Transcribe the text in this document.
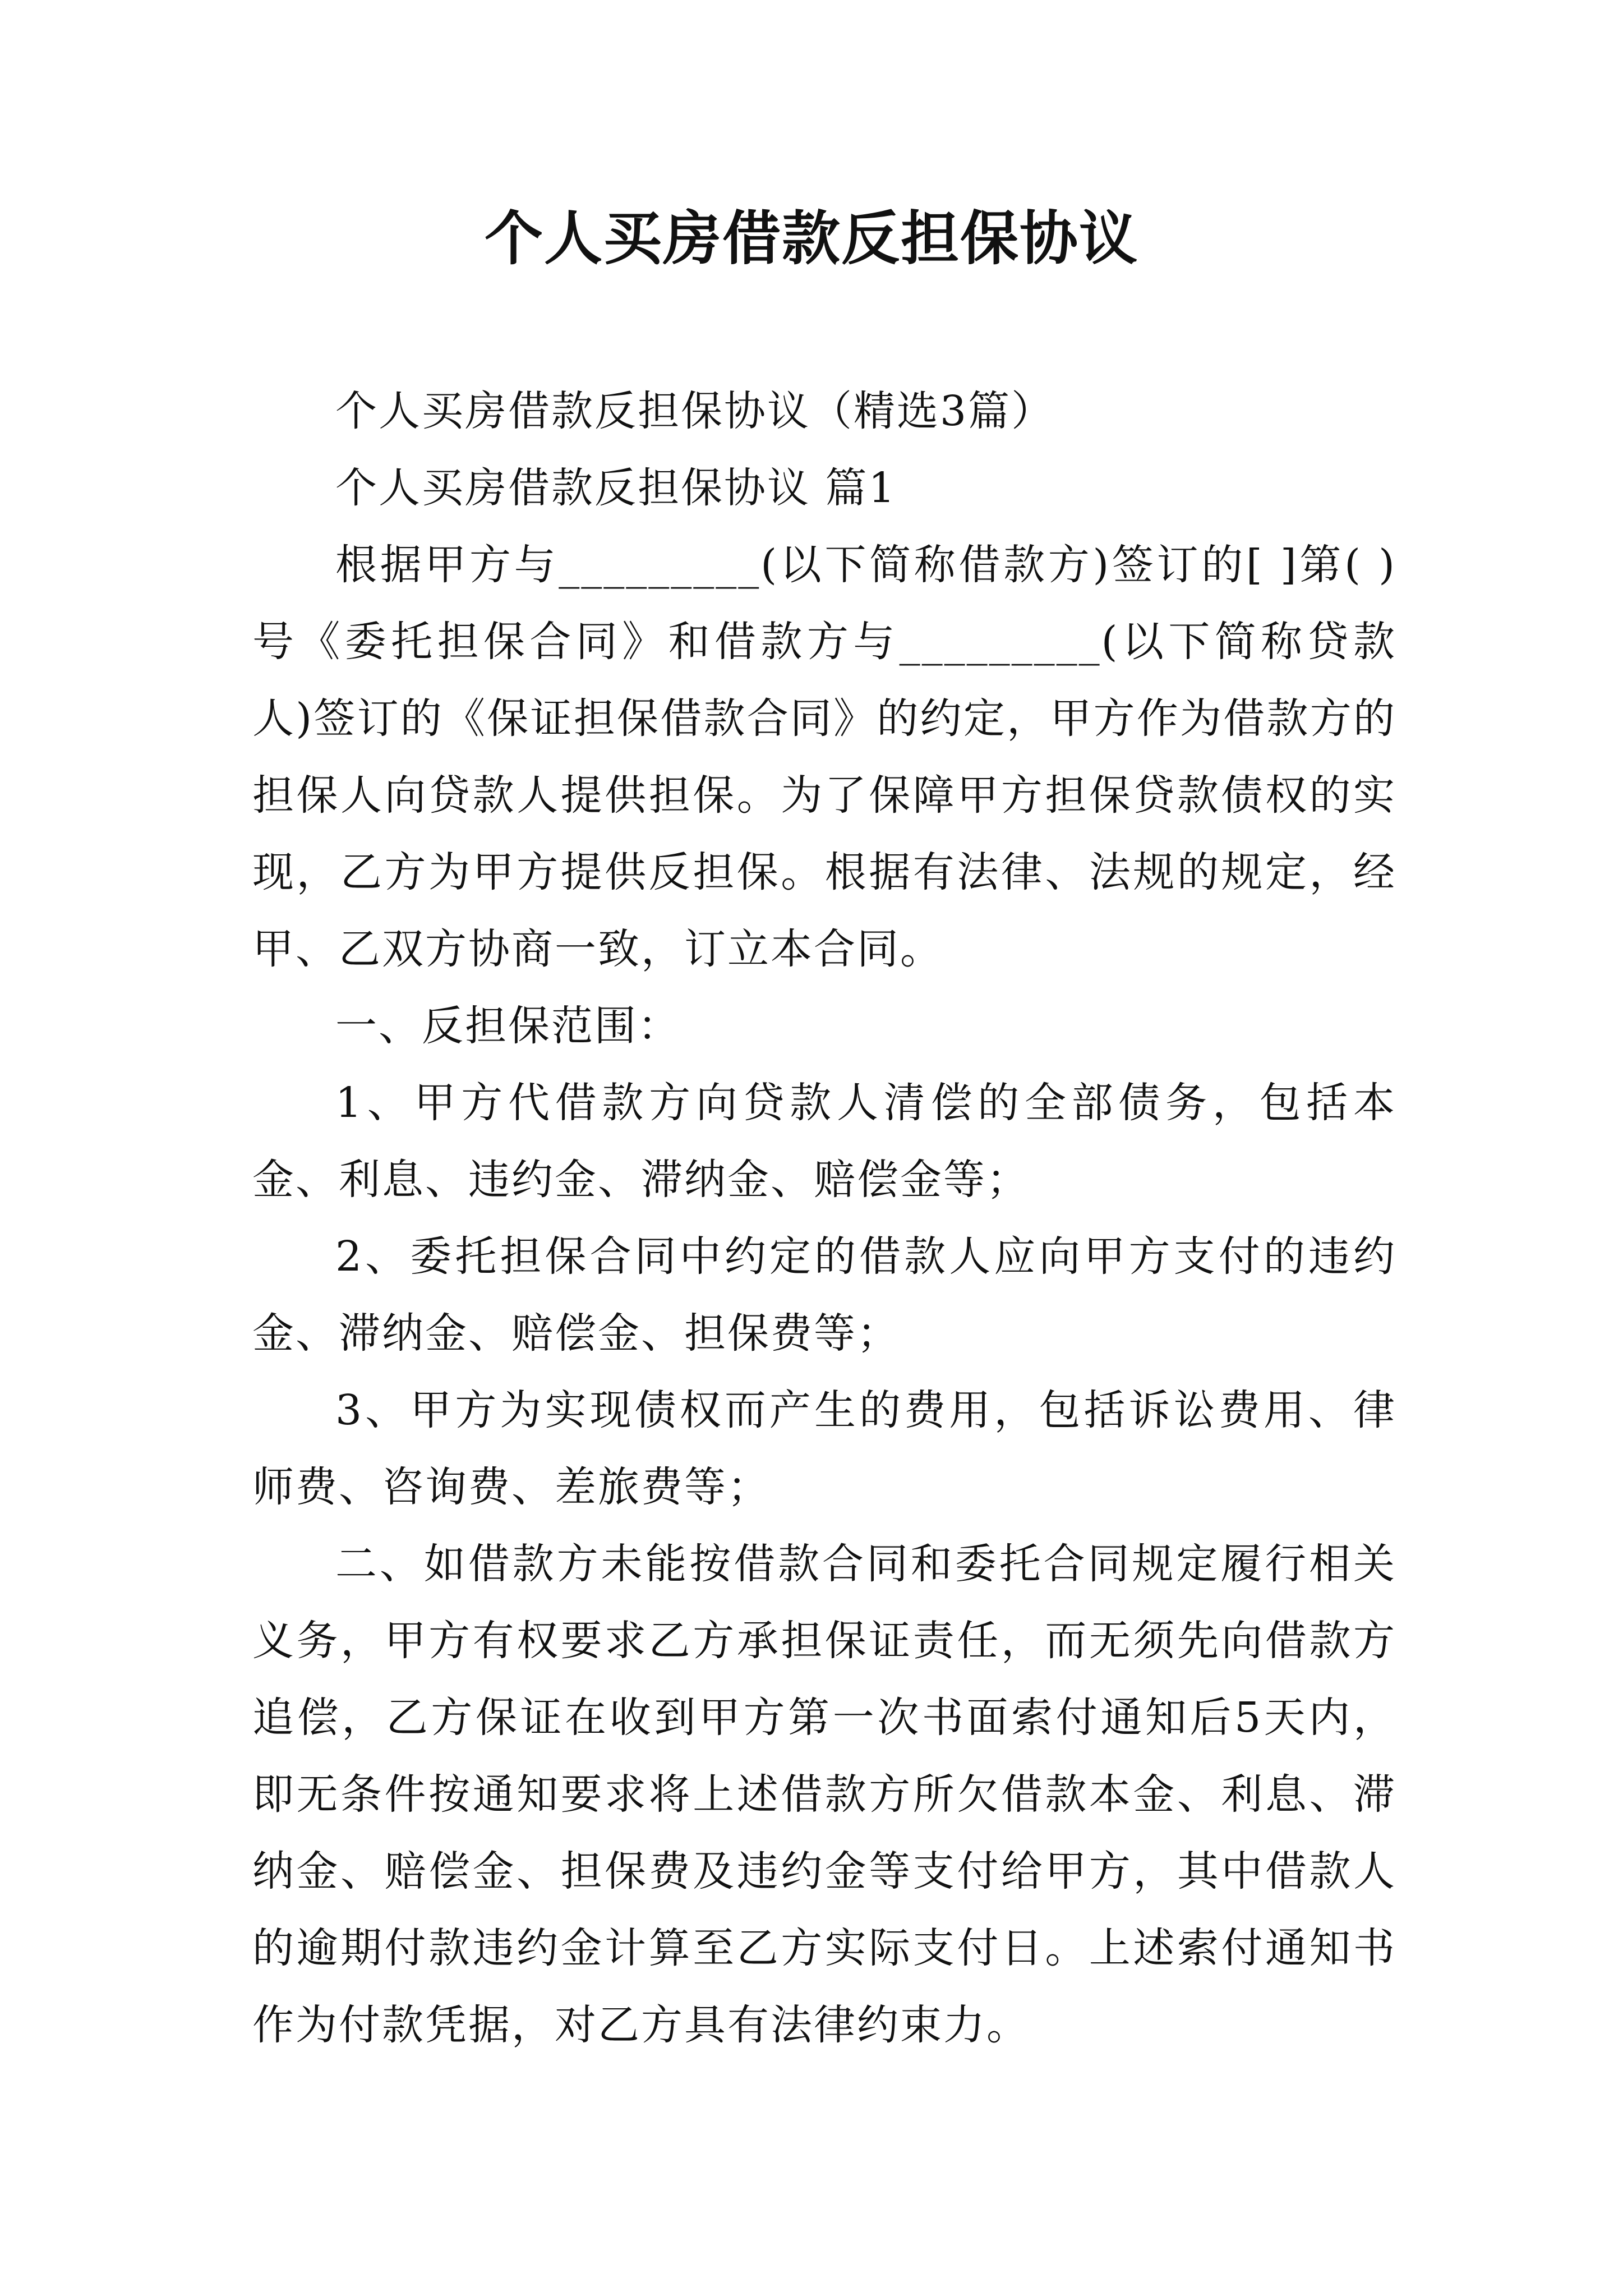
个人买房借款反担保协议

个人买房借款反担保协议（精选3篇）

个人买房借款反担保协议 篇1

根据甲方与_________(以下简称借款方)签订的[ ]第( )号《委托担保合同》和借款方与_________(以下简称贷款人)签订的《保证担保借款合同》的约定，甲方作为借款方的担保人向贷款人提供担保。为了保障甲方担保贷款债权的实现，乙方为甲方提供反担保。根据有法律、法规的规定，经甲、乙双方协商一致，订立本合同。

一、反担保范围：

1、甲方代借款方向贷款人清偿的全部债务，包括本金、利息、违约金、滞纳金、赔偿金等；

2、委托担保合同中约定的借款人应向甲方支付的违约金、滞纳金、赔偿金、担保费等；

3、甲方为实现债权而产生的费用，包括诉讼费用、律师费、咨询费、差旅费等；

二、如借款方未能按借款合同和委托合同规定履行相关义务，甲方有权要求乙方承担保证责任，而无须先向借款方追偿，乙方保证在收到甲方第一次书面索付通知后5天内，即无条件按通知要求将上述借款方所欠借款本金、利息、滞纳金、赔偿金、担保费及违约金等支付给甲方，其中借款人的逾期付款违约金计算至乙方实际支付日。上述索付通知书作为付款凭据，对乙方具有法律约束力。
